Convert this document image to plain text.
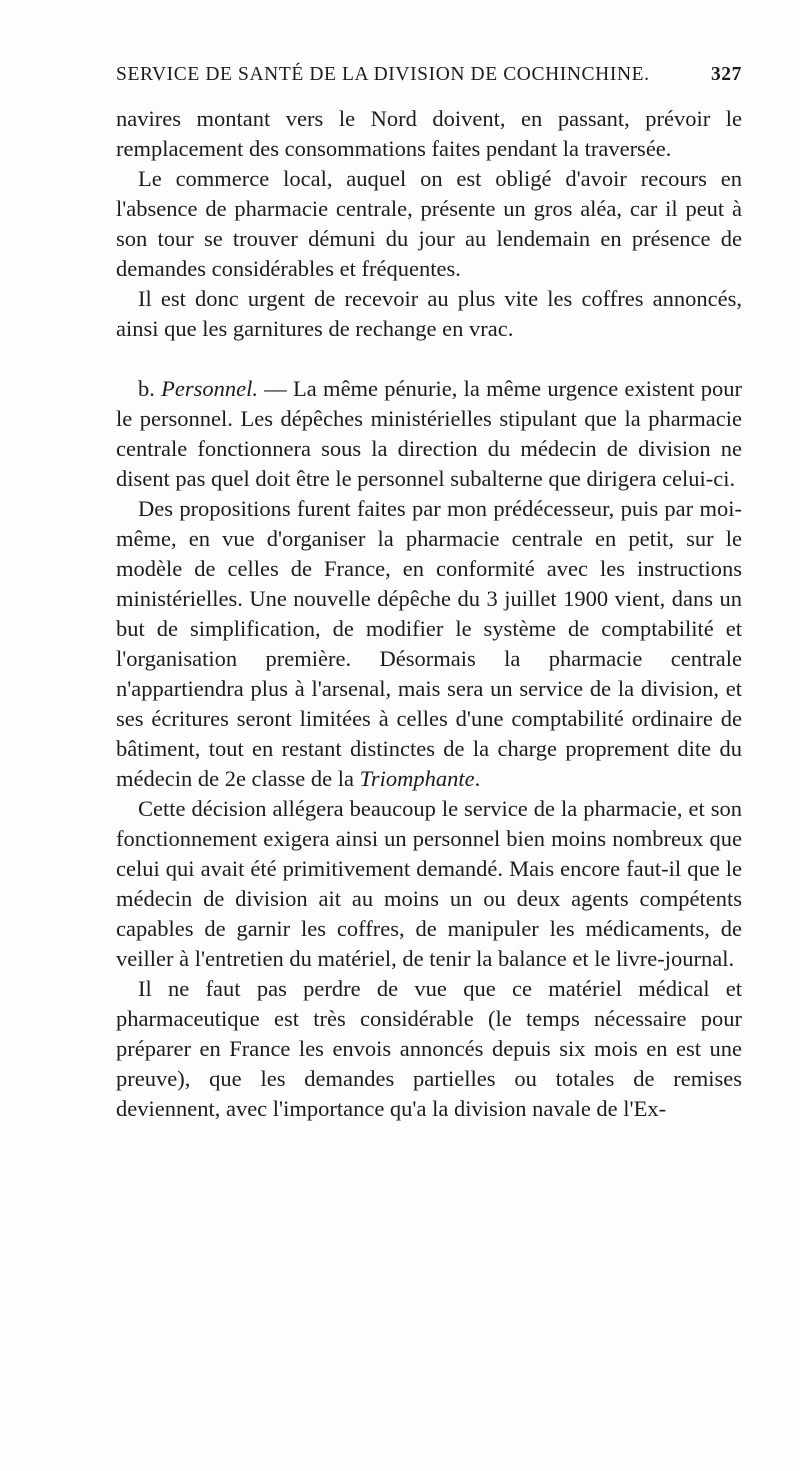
SERVICE DE SANTÉ DE LA DIVISION DE COCHINCHINE.	327

navires montant vers le Nord doivent, en passant, prévoir le remplacement des consommations faites pendant la traversée.

Le commerce local, auquel on est obligé d'avoir recours en l'absence de pharmacie centrale, présente un gros aléa, car il peut à son tour se trouver démuni du jour au lendemain en présence de demandes considérables et fréquentes.

Il est donc urgent de recevoir au plus vite les coffres annoncés, ainsi que les garnitures de rechange en vrac.

b. Personnel. — La même pénurie, la même urgence existent pour le personnel. Les dépêches ministérielles stipulant que la pharmacie centrale fonctionnera sous la direction du médecin de division ne disent pas quel doit être le personnel subalterne que dirigera celui-ci.

Des propositions furent faites par mon prédécesseur, puis par moi-même, en vue d'organiser la pharmacie centrale en petit, sur le modèle de celles de France, en conformité avec les instructions ministérielles. Une nouvelle dépêche du 3 juillet 1900 vient, dans un but de simplification, de modifier le système de comptabilité et l'organisation première. Désormais la pharmacie centrale n'appartiendra plus à l'arsenal, mais sera un service de la division, et ses écritures seront limitées à celles d'une comptabilité ordinaire de bâtiment, tout en restant distinctes de la charge proprement dite du médecin de 2e classe de la Triomphante.

Cette décision allégera beaucoup le service de la pharmacie, et son fonctionnement exigera ainsi un personnel bien moins nombreux que celui qui avait été primitivement demandé. Mais encore faut-il que le médecin de division ait au moins un ou deux agents compétents capables de garnir les coffres, de manipuler les médicaments, de veiller à l'entretien du matériel, de tenir la balance et le livre-journal.

Il ne faut pas perdre de vue que ce matériel médical et pharmaceutique est très considérable (le temps nécessaire pour préparer en France les envois annoncés depuis six mois en est une preuve), que les demandes partielles ou totales de remises deviennent, avec l'importance qu'a la division navale de l'Ex-
